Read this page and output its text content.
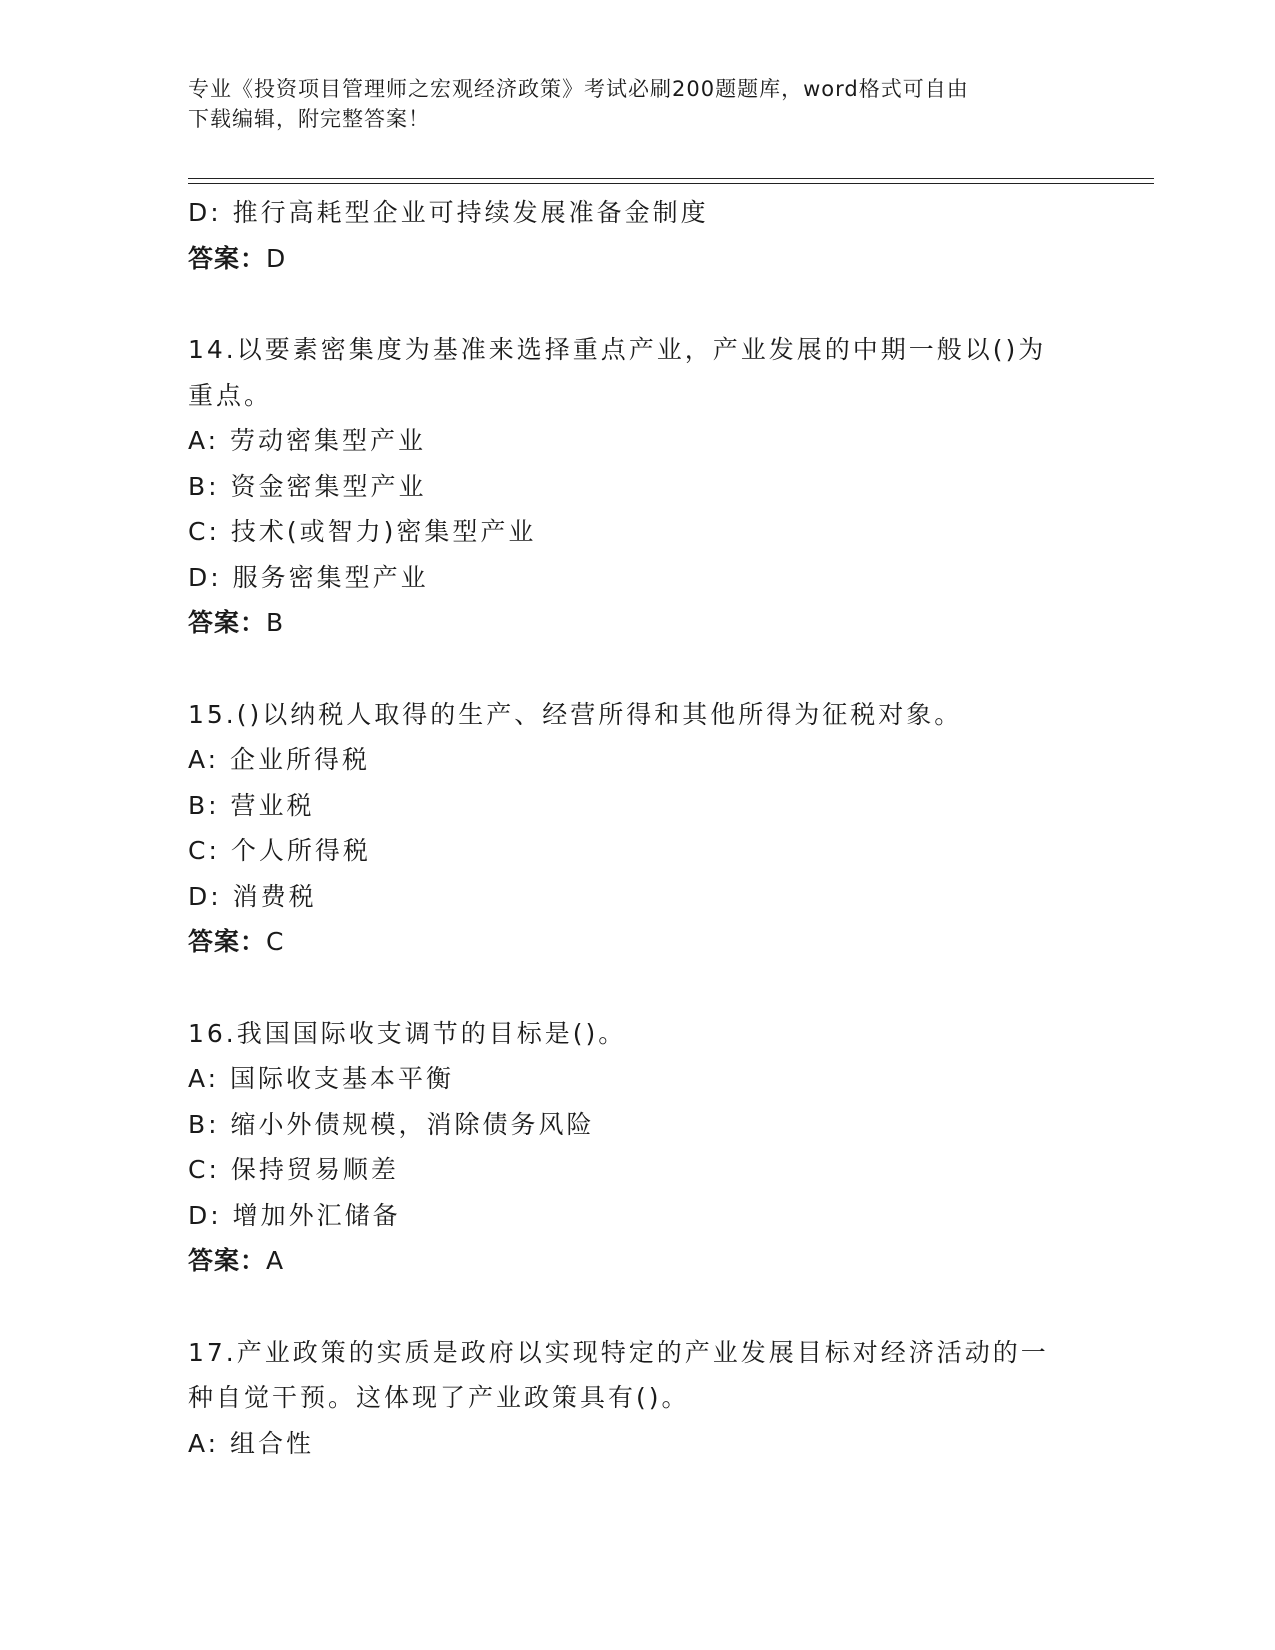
专业《投资项目管理师之宏观经济政策》考试必刷200题题库，word格式可自由
下载编辑，附完整答案！
D: 推行高耗型企业可持续发展准备金制度
答案：D
14.以要素密集度为基准来选择重点产业，产业发展的中期一般以()为
重点。
A: 劳动密集型产业
B: 资金密集型产业
C: 技术(或智力)密集型产业
D: 服务密集型产业
答案：B
15.()以纳税人取得的生产、经营所得和其他所得为征税对象。
A: 企业所得税
B: 营业税
C: 个人所得税
D: 消费税
答案：C
16.我国国际收支调节的目标是()。
A: 国际收支基本平衡
B: 缩小外债规模，消除债务风险
C: 保持贸易顺差
D: 增加外汇储备
答案：A
17.产业政策的实质是政府以实现特定的产业发展目标对经济活动的一
种自觉干预。这体现了产业政策具有()。
A: 组合性
